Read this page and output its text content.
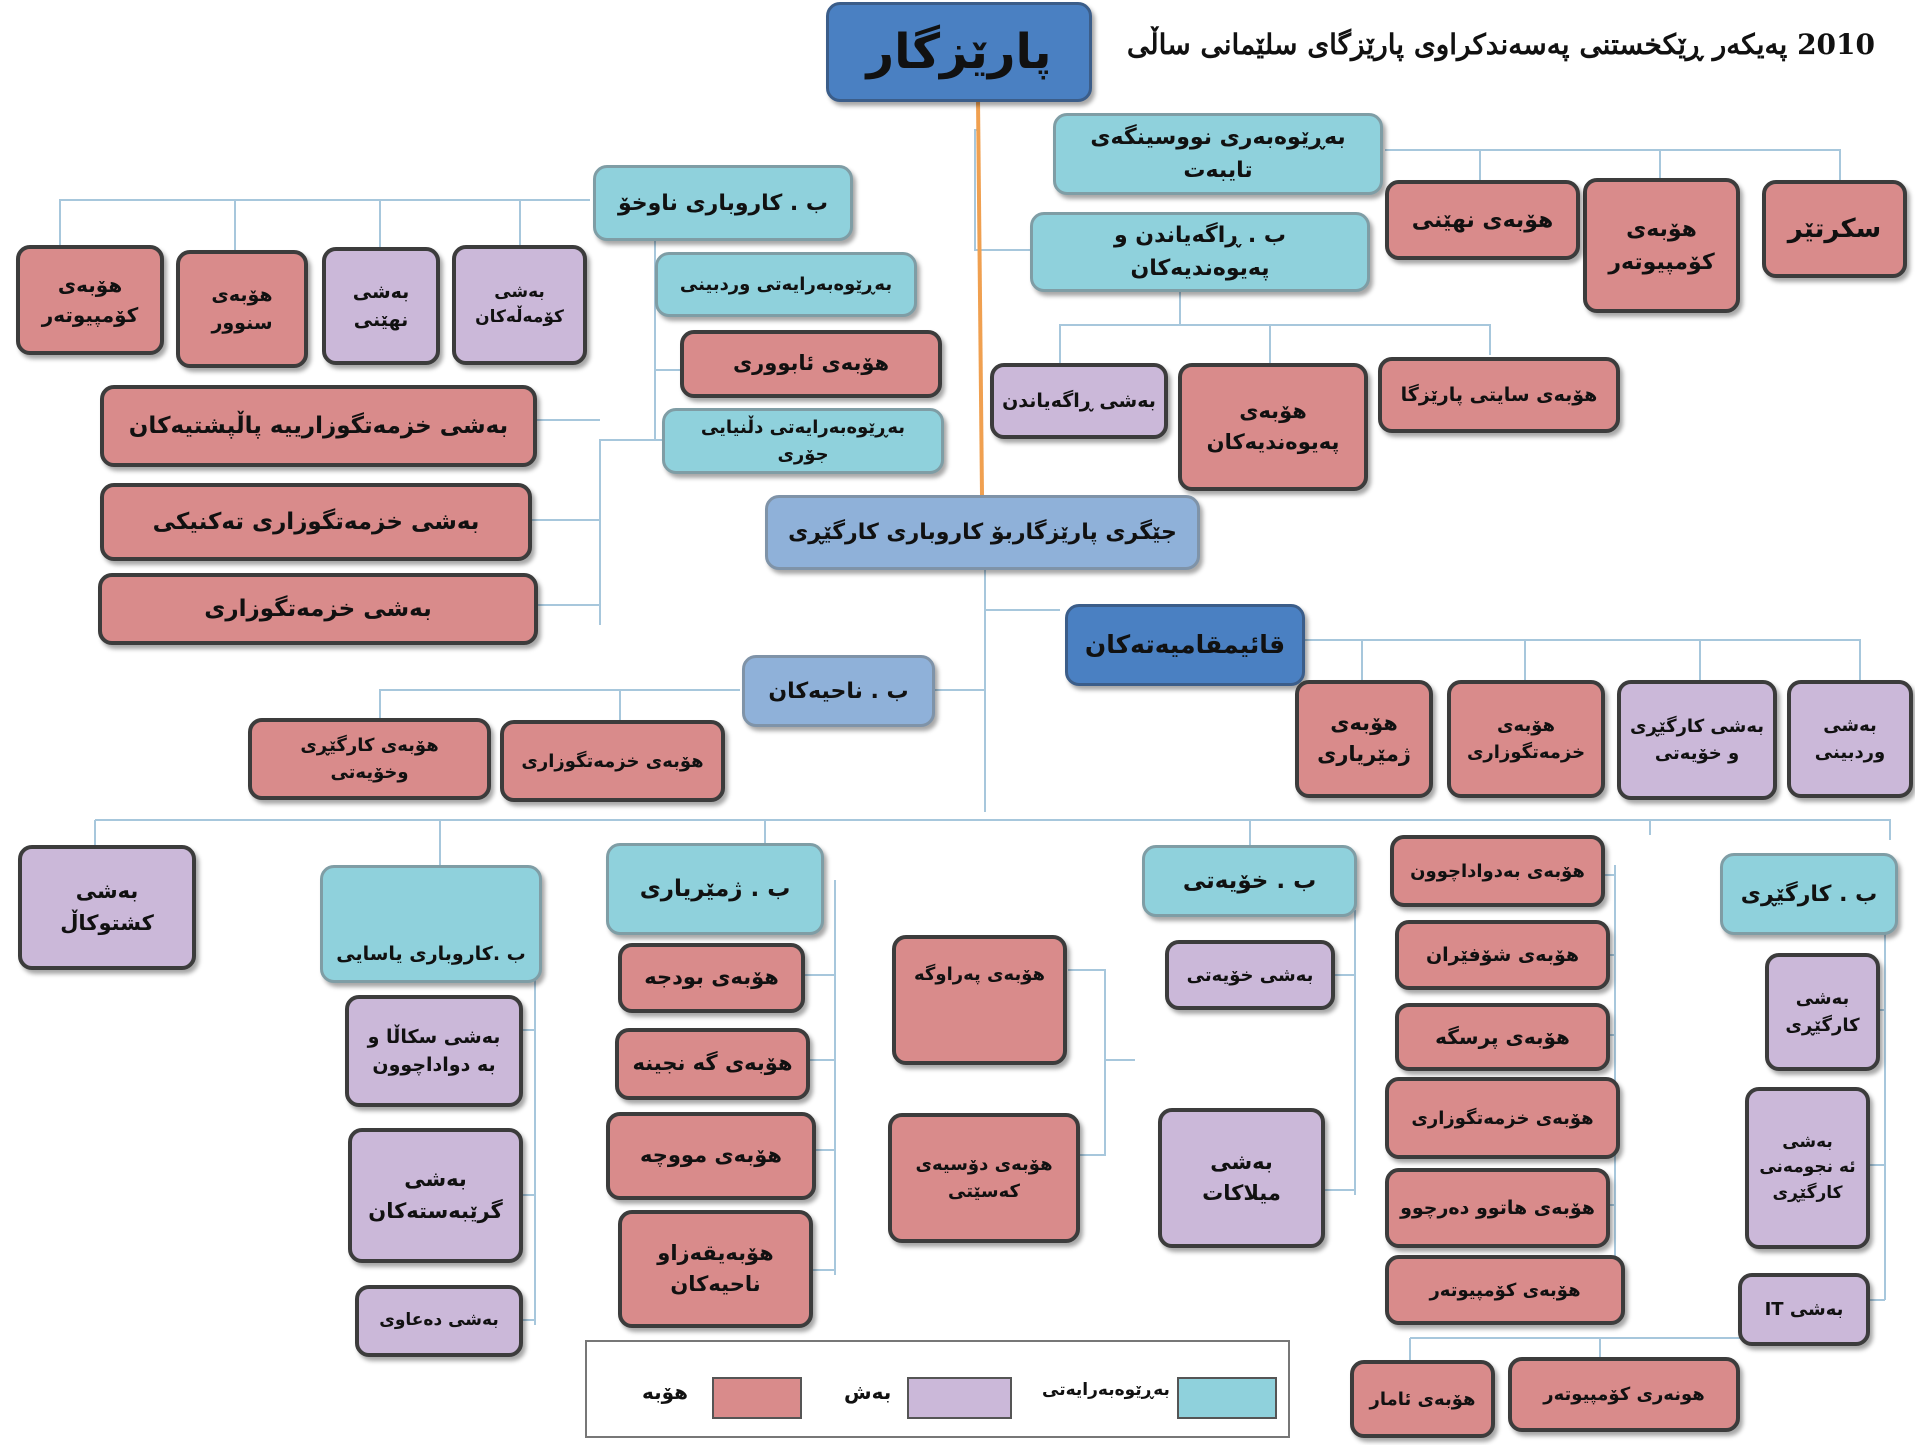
2010 پەیکەر ڕێکخستنی پەسەندکراوی پارێزگای سلێمانی ساڵی
پارێزگار
بەڕێوەبەری نووسینگەی تایبەت
سکرتێر
هۆبەی
کۆمپیوتەر
هۆبەی نهێنی
ب . کاروباری ناوخۆ
ب . ڕاگەیاندن و پەیوەندیەکان
هۆبەی
کۆمپیوتەر
هۆبەی
سنوور
بەشی
نهێنی
بەشی
کۆمەڵەکان
بەڕێوەبەرایەتی وردبینی
هۆبەی ئابووری
بەڕێوەبەرایەتی دڵنیایی جۆری
بەشی خزمەتگوزارییە پاڵپشتیەکان
بەشی خزمەتگوزاری تەکنیکی
بەشی خزمەتگوزاری
بەشی ڕاگەیاندن	هۆبەی
پەیوەندیەکان
هۆبەی سایتی پارێزگا
جێگری پارێزگاربۆ کاروباری کارگێڕی
قائیمقامیەتەکان
ب . ناحیەکان
هۆبەی کارگێڕی وخۆیەتی
هۆبەی خزمەتگوزاری
هۆبەی
ژمێریاری
هۆبەی
خزمەتگوزاری
بەشی کارگێڕی
و خۆیەتی
بەشی
وردبینی
بەشی
کشتوکاڵ
ب .کاروباری یاسایی
بەشی سکاڵا و
بە دواداچوون
بەشی
گرێبەستەکان
بەشی دەعاوی
ب . ژمێریاری
هۆبەی بودجە
هۆبەی گە نجینە
هۆبەی مووچە
هۆبەیقەزاو
ناحیەکان
هۆبەی پەراوگە
هۆبەی دۆسیەی
کەسێتی
ب . خۆیەتی
بەشی خۆیەتی
بەشی
میلاکات
هۆبەی بەدواداچوون
هۆبەی شۆفێران
هۆبەی پرسگە
هۆبەی خزمەتگوزاری
هۆبەی هاتوو دەرچوو
هۆبەی کۆمپیوتەر
ب . کارگێڕی
بەشی
کارگێڕی
بەشی
ئە نجومەنی
کارگێڕی
بەشی IT
هۆبەی ئامار	هونەری کۆمپیوتەر
هۆبە	بەش	بەڕێوەبەرایەتی
